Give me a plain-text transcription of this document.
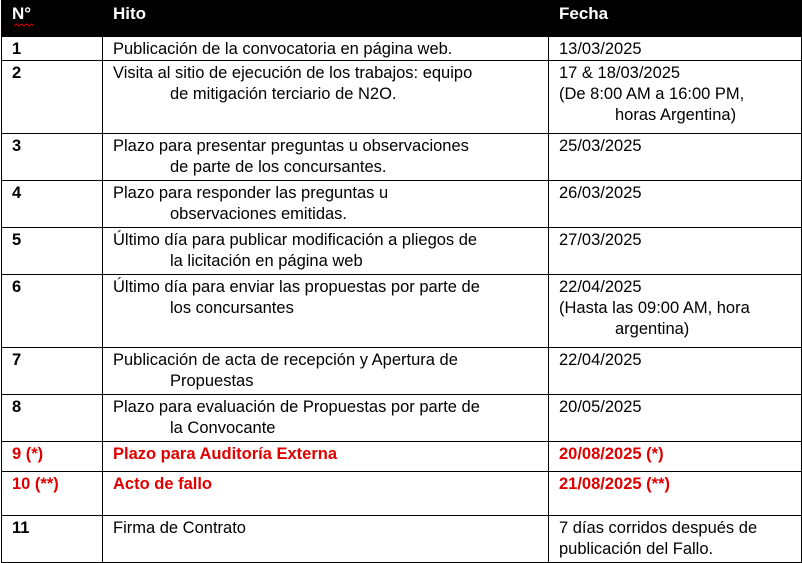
N°	Hito	Fecha
1	Publicación de la convocatoria en página web.	13/03/2025

2	Visita al sitio de ejecución de los trabajos: equipo
de mitigación terciario de N2O.	17 & 18/03/2025
(De 8:00 AM a 16:00 PM,
horas Argentina)

3	Plazo para presentar preguntas u observaciones
de parte de los concursantes.	25/03/2025

4	Plazo para responder las preguntas u
observaciones emitidas.	26/03/2025

5	Último día para publicar modificación a pliegos de
la licitación en página web	27/03/2025

6	Último día para enviar las propuestas por parte de
los concursantes	22/04/2025
(Hasta las 09:00 AM, hora
argentina)

7	Publicación de acta de recepción y Apertura de
Propuestas	22/04/2025

8	Plazo para evaluación de Propuestas por parte de
la Convocante	20/05/2025

9 (*)	Plazo para Auditoría Externa	20/08/2025 (*)

10 (**)	Acto de fallo	21/08/2025 (**)

11	Firma de Contrato	7 días corridos después de
publicación del Fallo.
